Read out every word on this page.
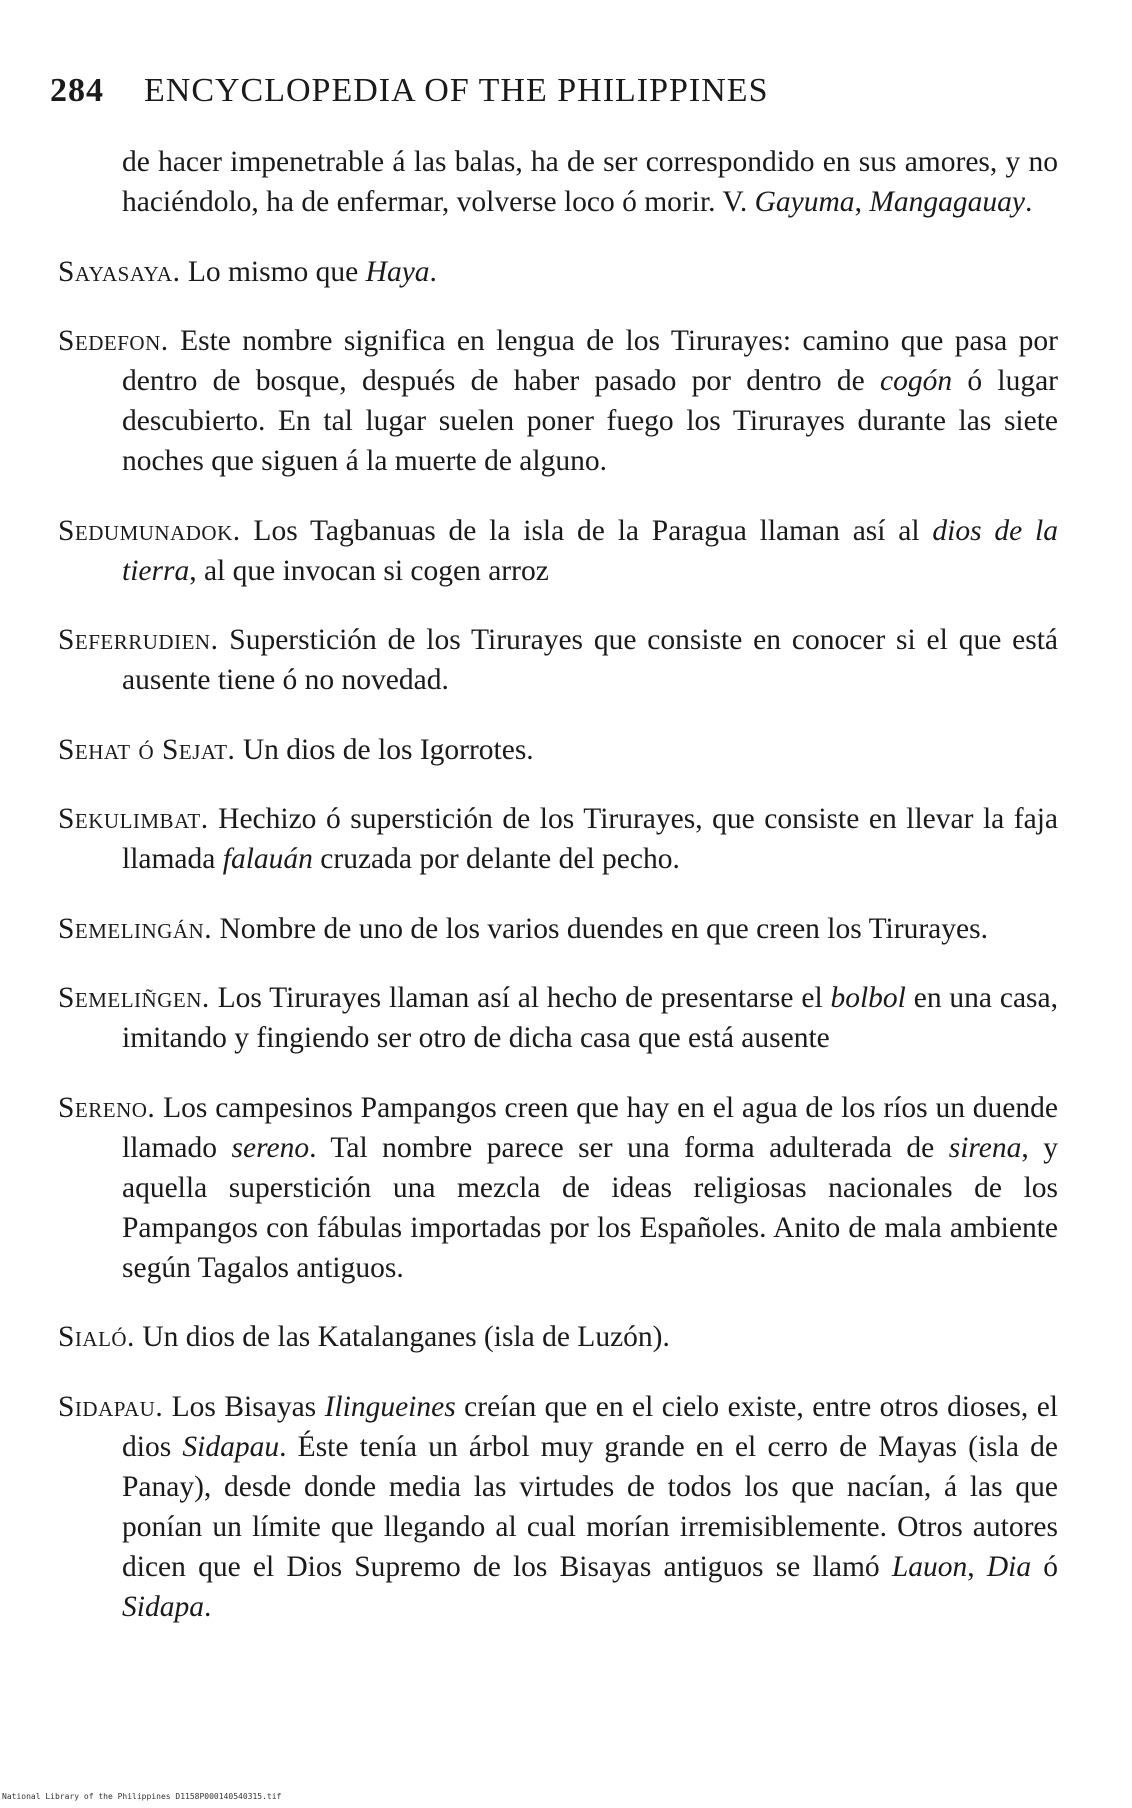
284 ENCYCLOPEDIA OF THE PHILIPPINES

de hacer impenetrable á las balas, ha de ser correspondido en sus amores, y no haciéndolo, ha de enfermar, volverse loco ó morir. V. Gayuma, Mangagauay.

Sayasaya. Lo mismo que Haya.

Sedefon. Este nombre significa en lengua de los Tirurayes: camino que pasa por dentro de bosque, después de haber pasado por dentro de cogón ó lugar descubierto. En tal lugar suelen poner fuego los Tirurayes durante las siete noches que siguen á la muerte de alguno.

Sedumunadok. Los Tagbanuas de la isla de la Paragua llaman así al dios de la tierra, al que invocan si cogen arroz

Seferrudien. Superstición de los Tirurayes que consiste en conocer si el que está ausente tiene ó no novedad.

Sehat ó Sejat. Un dios de los Igorrotes.

Sekulimbat. Hechizo ó superstición de los Tirurayes, que consiste en llevar la faja llamada falauán cruzada por delante del pecho.

Semelingán. Nombre de uno de los varios duendes en que creen los Tirurayes.

Semeliñgen. Los Tirurayes llaman así al hecho de presentarse el bolbol en una casa, imitando y fingiendo ser otro de dicha casa que está ausente

Sereno. Los campesinos Pampangos creen que hay en el agua de los ríos un duende llamado sereno. Tal nombre parece ser una forma adulterada de sirena, y aquella superstición una mezcla de ideas religiosas nacionales de los Pampangos con fábulas importadas por los Españoles. Anito de mala ambiente según Tagalos antiguos.

Sialó. Un dios de las Katalanganes (isla de Luzón).

Sidapau. Los Bisayas Ilingueines creían que en el cielo existe, entre otros dioses, el dios Sidapau. Éste tenía un árbol muy grande en el cerro de Mayas (isla de Panay), desde donde media las virtudes de todos los que nacían, á las que ponían un límite que llegando al cual morían irremisiblemente. Otros autores dicen que el Dios Supremo de los Bisayas antiguos se llamó Lauon, Dia ó Sidapa.

National Library of the Philippines D1158P000140540315.tif
